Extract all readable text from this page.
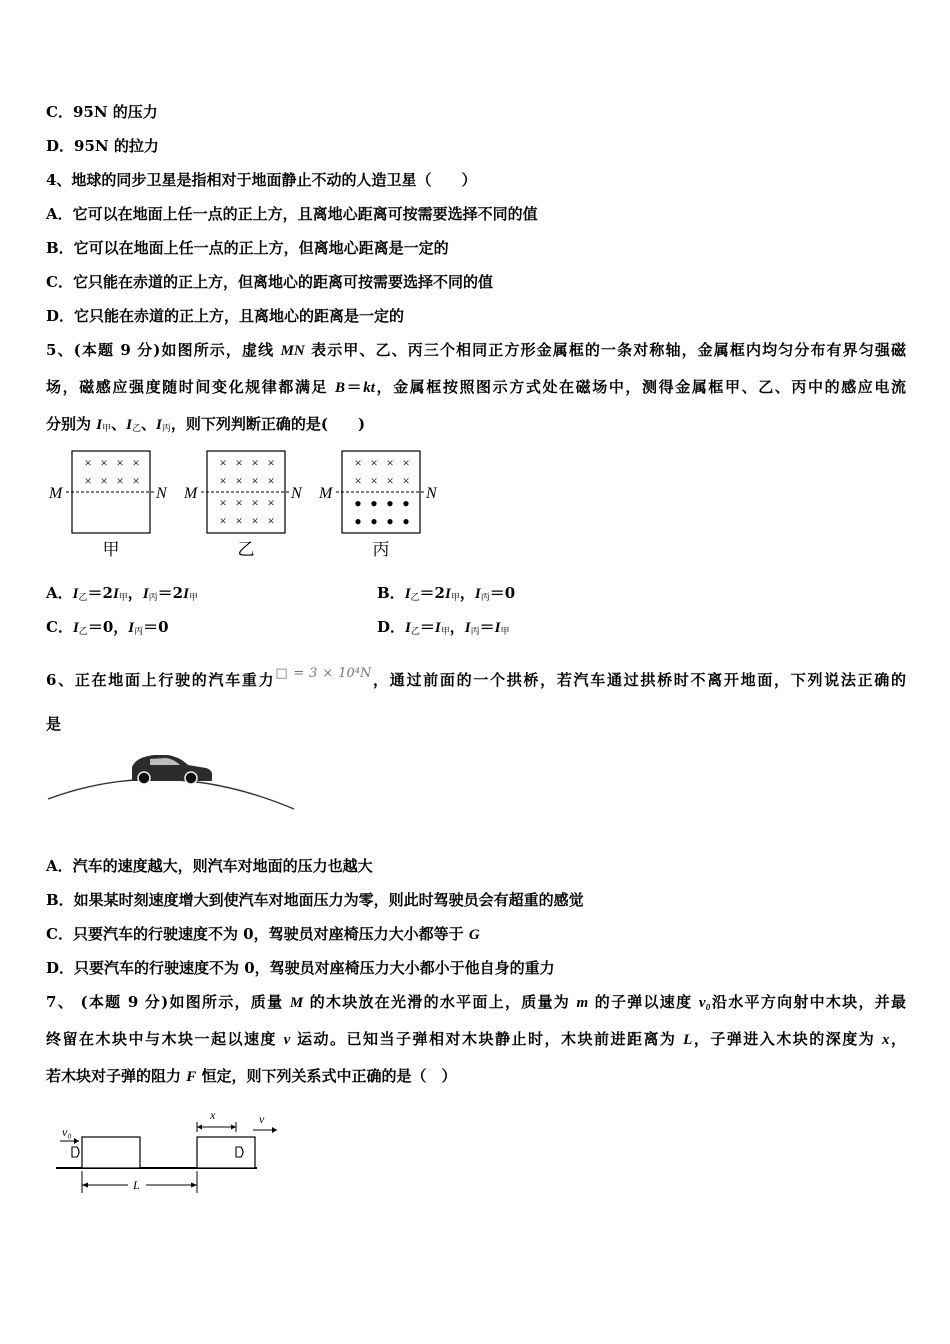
C．95N 的压力
D．95N 的拉力
4、地球的同步卫星是指相对于地面静止不动的人造卫星（　　）
A．它可以在地面上任一点的正上方，且离地心距离可按需要选择不同的值
B．它可以在地面上任一点的正上方，但离地心距离是一定的
C．它只能在赤道的正上方，但离地心的距离可按需要选择不同的值
D．它只能在赤道的正上方，且离地心的距离是一定的
5、(本题 9 分)如图所示，虚线 MN 表示甲、乙、丙三个相同正方形金属框的一条对称轴，金属框内均匀分布有界匀强磁
场，磁感应强度随时间变化规律都满足 B＝kt，金属框按照图示方式处在磁场中，测得金属框甲、乙、丙中的感应电流
分别为 $I_甲$、$I_乙$、$I_丙$，则下列判断正确的是(　　)
M	N
× × × ×
× × × ×
甲
M	N
× × × ×
× × × ×
× × × ×
× × × ×
乙
M	N
× × × ×
× × × ×
• • • •
• • • •
丙
A．$I_乙=2I_甲$，$I_丙=2I_甲$	B．$I_乙=2I_甲$，$I_丙=0$
C．$I_乙=0$，$I_丙=0$	D．$I_乙=I_甲$，$I_丙=I_甲$
6、正在地面上行驶的汽车重力□ = 3 × 10⁴N，通过前面的一个拱桥，若汽车通过拱桥时不离开地面，下列说法正确的
是
A．汽车的速度越大，则汽车对地面的压力也越大
B．如果某时刻速度增大到使汽车对地面压力为零，则此时驾驶员会有超重的感觉
C．只要汽车的行驶速度不为 0，驾驶员对座椅压力大小都等于 G
D．只要汽车的行驶速度不为 0，驾驶员对座椅压力大小都小于他自身的重力
7、 (本题 9 分)如图所示，质量 M 的木块放在光滑的水平面上，质量为 m 的子弹以速度 v₀沿水平方向射中木块，并最
终留在木块中与木块一起以速度 v 运动。已知当子弹相对木块静止时，木块前进距离为 L，子弹进入木块的深度为 x，
若木块对子弹的阻力 F 恒定，则下列关系式中正确的是（　）
v₀
x	v
L
